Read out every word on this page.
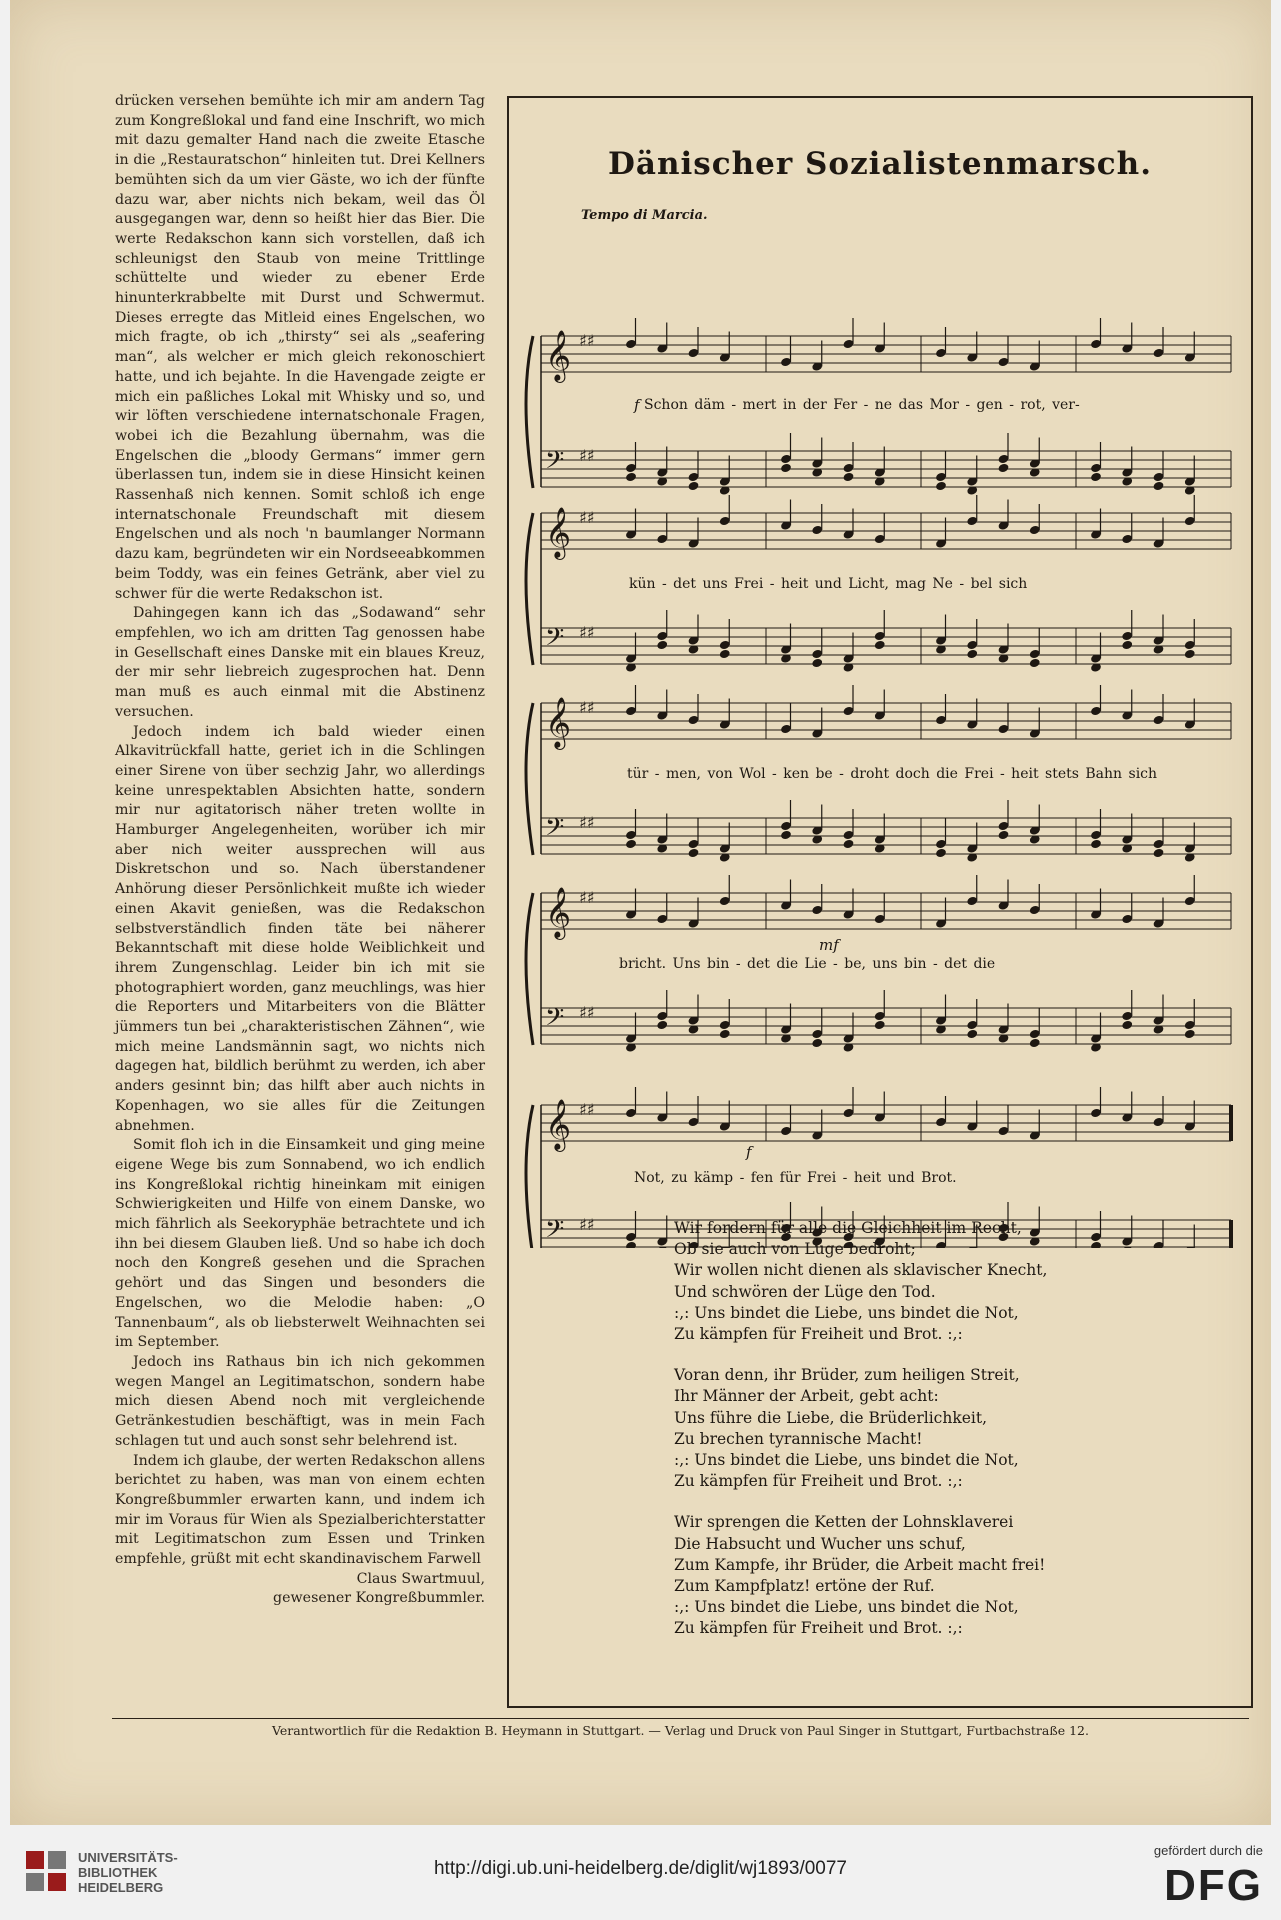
drücken versehen bemühte ich mir am andern Tag zum Kongreßlokal und fand eine Inschrift, wo mich mit dazu gemalter Hand nach die zweite Etasche in die „Restauratschon“ hinleiten tut. Drei Kellners bemühten sich da um vier Gäste, wo ich der fünfte dazu war, aber nichts nich bekam, weil das Öl ausgegangen war, denn so heißt hier das Bier. Die werte Redakschon kann sich vorstellen, daß ich schleunigst den Staub von meine Trittlinge schüttelte und wieder zu ebener Erde hinunterkrabbelte mit Durst und Schwermut. Dieses erregte das Mitleid eines Engelschen, wo mich fragte, ob ich „thirsty“ sei als „seafering man“, als welcher er mich gleich rekonoschiert hatte, und ich bejahte. In die Havengade zeigte er mich ein paßliches Lokal mit Whisky und so, und wir löften verschiedene internatschonale Fragen, wobei ich die Bezahlung übernahm, was die Engelschen die „bloody Germans“ immer gern überlassen tun, indem sie in diese Hinsicht keinen Rassenhaß nich kennen. Somit schloß ich enge internatschonale Freundschaft mit diesem Engelschen und als noch 'n baumlanger Normann dazu kam, begründeten wir ein Nordseeabkommen beim Toddy, was ein feines Getränk, aber viel zu schwer für die werte Redakschon ist.

Dahingegen kann ich das „Sodawand“ sehr empfehlen, wo ich am dritten Tag genossen habe in Gesellschaft eines Danske mit ein blaues Kreuz, der mir sehr liebreich zugesprochen hat. Denn man muß es auch einmal mit die Abstinenz versuchen.

Jedoch indem ich bald wieder einen Alkavitrückfall hatte, geriet ich in die Schlingen einer Sirene von über sechzig Jahr, wo allerdings keine unrespektablen Absichten hatte, sondern mir nur agitatorisch näher treten wollte in Hamburger Angelegenheiten, worüber ich mir aber nich weiter aussprechen will aus Diskretschon und so. Nach überstandener Anhörung dieser Persönlichkeit mußte ich wieder einen Akavit genießen, was die Redakschon selbstverständlich finden täte bei näherer Bekanntschaft mit diese holde Weiblichkeit und ihrem Zungenschlag. Leider bin ich mit sie photographiert worden, ganz meuchlings, was hier die Reporters und Mitarbeiters von die Blätter jümmers tun bei „charakteristischen Zähnen“, wie mich meine Landsmännin sagt, wo nichts nich dagegen hat, bildlich berühmt zu werden, ich aber anders gesinnt bin; das hilft aber auch nichts in Kopenhagen, wo sie alles für die Zeitungen abnehmen.

Somit floh ich in die Einsamkeit und ging meine eigene Wege bis zum Sonnabend, wo ich endlich ins Kongreßlokal richtig hineinkam mit einigen Schwierigkeiten und Hilfe von einem Danske, wo mich fährlich als Seekoryphäe betrachtete und ich ihn bei diesem Glauben ließ. Und so habe ich doch noch den Kongreß gesehen und die Sprachen gehört und das Singen und besonders die Engelschen, wo die Melodie haben: „O Tannenbaum“, als ob liebsterwelt Weihnachten sei im September.

Jedoch ins Rathaus bin ich nich gekommen wegen Mangel an Legitimatschon, sondern habe mich diesen Abend noch mit vergleichende Getränkestudien beschäftigt, was in mein Fach schlagen tut und auch sonst sehr belehrend ist.

Indem ich glaube, der werten Redakschon allens berichtet zu haben, was man von einem echten Kongreßbummler erwarten kann, und indem ich mir im Voraus für Wien als Spezialberichterstatter mit Legitimatschon zum Essen und Trinken empfehle, grüßt mit echt skandinavischem Farwell

Claus Swartmuul,

gewesener Kongreßbummler.

Dänischer Sozialistenmarsch.
Tempo di Marcia.
𝄞 ♯♯
𝄢 ♯♯
𝄞 ♯♯
𝄢 ♯♯
𝄞 ♯♯
𝄢 ♯♯
𝄞 ♯♯
𝄢 ♯♯
𝄞 ♯♯
𝄢 ♯♯
f
mf
f
Schon däm - mert in der Fer - ne das Mor - gen - rot, ver-
kün - det uns Frei - heit und Licht, mag Ne - bel sich
tür - men, von Wol - ken be - droht doch die Frei - heit stets Bahn sich
bricht. Uns bin - det die Lie - be, uns bin - det die
Not, zu kämp - fen für Frei - heit und Brot.
Wir fordern für alle die Gleichheit im Recht,
Ob sie auch von Lüge bedroht;
Wir wollen nicht dienen als sklavischer Knecht,
Und schwören der Lüge den Tod.
:,: Uns bindet die Liebe, uns bindet die Not,
Zu kämpfen für Freiheit und Brot. :,:
Voran denn, ihr Brüder, zum heiligen Streit,
Ihr Männer der Arbeit, gebt acht:
Uns führe die Liebe, die Brüderlichkeit,
Zu brechen tyrannische Macht!
:,: Uns bindet die Liebe, uns bindet die Not,
Zu kämpfen für Freiheit und Brot. :,:
Wir sprengen die Ketten der Lohnsklaverei
Die Habsucht und Wucher uns schuf,
Zum Kampfe, ihr Brüder, die Arbeit macht frei!
Zum Kampfplatz! ertöne der Ruf.
:,: Uns bindet die Liebe, uns bindet die Not,
Zu kämpfen für Freiheit und Brot. :,:
Verantwortlich für die Redaktion B. Heymann in Stuttgart. — Verlag und Druck von Paul Singer in Stuttgart, Furtbachstraße 12.
UNIVERSITÄTS-
BIBLIOTHEK
HEIDELBERG
http://digi.ub.uni-heidelberg.de/diglit/wj1893/0077
gefördert durch die
DFG
